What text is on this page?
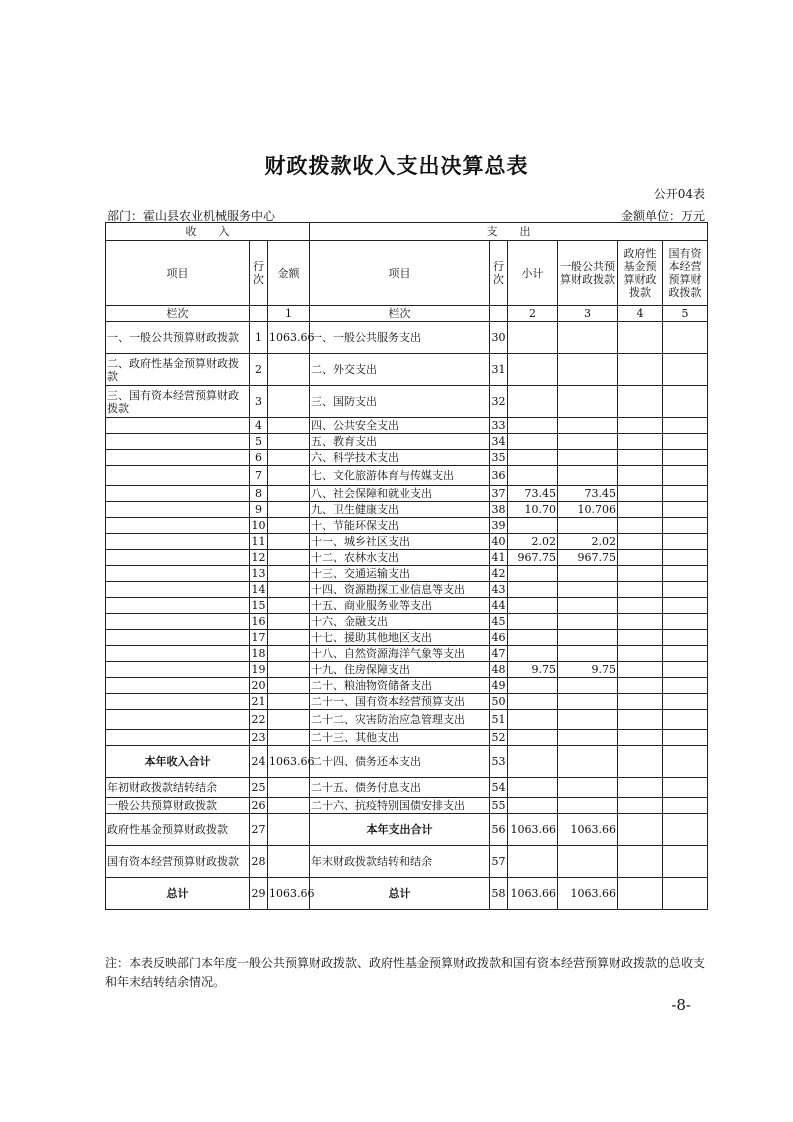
财政拨款收入支出决算总表
公开04表
部门：霍山县农业机械服务中心	金额单位：万元
收　　入			支　　出					
项目	行次	金额	项目	行次	小计	一般公共预算财政拨款	政府性基金预算财政拨款	国有资本经营预算财政拨款
栏次		1	栏次		2	3	4	5
一、一般公共预算财政拨款	1	1063.66	一、一般公共服务支出	30				
二、政府性基金预算财政拨款	2		二、外交支出	31				
三、国有资本经营预算财政拨款	3		三、国防支出	32				
	4		四、公共安全支出	33				
	5		五、教育支出	34				
	6		六、科学技术支出	35				
	7		七、文化旅游体育与传媒支出	36				
	8		八、社会保障和就业支出	37	73.45	73.45		
	9		九、卫生健康支出	38	10.70	10.706		
	10		十、节能环保支出	39				
	11		十一、城乡社区支出	40	2.02	2.02		
	12		十二、农林水支出	41	967.75	967.75		
	13		十三、交通运输支出	42				
	14		十四、资源勘探工业信息等支出	43				
	15		十五、商业服务业等支出	44				
	16		十六、金融支出	45				
	17		十七、援助其他地区支出	46				
	18		十八、自然资源海洋气象等支出	47				
	19		十九、住房保障支出	48	9.75	9.75		
	20		二十、粮油物资储备支出	49				
	21		二十一、国有资本经营预算支出	50				
	22		二十二、灾害防治应急管理支出	51				
	23		二十三、其他支出	52				
本年收入合计	24	1063.66	二十四、债务还本支出	53				
年初财政拨款结转结余	25		二十五、债务付息支出	54				
一般公共预算财政拨款	26		二十六、抗疫特别国债安排支出	55				
政府性基金预算财政拨款	27		本年支出合计	56	1063.66	1063.66		
国有资本经营预算财政拨款	28		年末财政拨款结转和结余	57				
总计	29	1063.66	总计	58	1063.66	1063.66		
注：本表反映部门本年度一般公共预算财政拨款、政府性基金预算财政拨款和国有资本经营预算财政拨款的总收支和年末结转结余情况。
-8-
